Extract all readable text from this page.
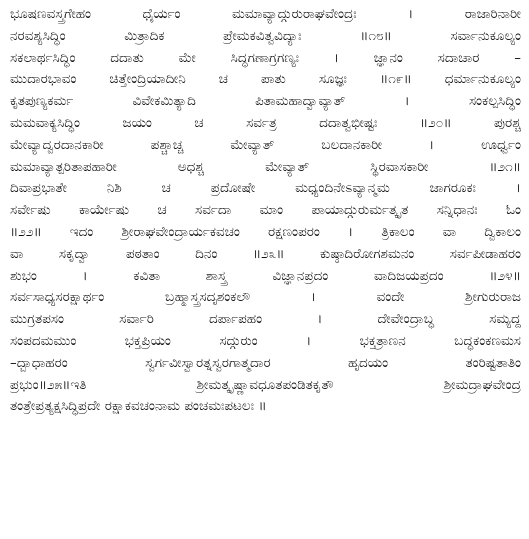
ಭೂಷಣವಸ್ತ್ರಗೇಹಂ ಧೈರ್ಯಂ ಮಮಾವ್ಯಾದ್ಗುರುರಾಘವೇಂದ್ರಃ । ರಾಜಾರಿನಾರೀ
ನರವಶ್ಯಸಿದ್ಧಿಂ ಮಿತ್ರಾದಿಕ ಪ್ರೇಮಕವಿತ್ವವಿದ್ಯಾಃ ॥೧೮॥ ಸರ್ವಾನುಕೂಲ್ಯಂ
ಸಕಲಾರ್ಥಸಿದ್ಧಿಂ ದದಾತು ಮೇ ಸಿದ್ಧಗಣಾಗ್ರಗಣ್ಯಃ । ಜ್ಞಾನಂ ಸದಾಚಾರ –
ಮುದಾರಭಾವಂ ಚಿತ್ತೇಂದ್ರಿಯಾದೀನಿ ಚ ಪಾತು ಸೂಜ್ಞಃ ॥೧೯॥ ಧರ್ಮಾನುಕೂಲ್ಯಂ
ಕೃತಪುಣ್ಯಕರ್ಮ ವಿವೇಕಮಿತ್ಯಾದಿ ಪಿತಾಮಹಾದ್ವಾವ್ಯಾತ್ । ಸಂಕಲ್ಪಸಿದ್ಧಿಂ
ಮಮವಾಕ್ಯಸಿದ್ಧಿಂ ಜಯಂ ಚ ಸರ್ವತ್ರ ದದಾತ್ವಭೀಷ್ಟಃ ॥೨೦॥ ಪುರಶ್ಚ
ಮೇವ್ಯಾದ್ವರದಾನಕಾರೀ ಪಶ್ಚಾಚ್ಚ ಮೇವ್ಯಾತ್ ಬಲದಾನಕಾರೀ । ಊರ್ಧ್ವಂ
ಮಮಾವ್ಯಾತ್ಪರಿತಾಪಹಾರೀ ಅಧಶ್ಚ ಮೇವ್ಯಾತ್ ಸ್ಥಿರವಾಸಕಾರೀ ॥೨೧॥
ದಿವಾಪ್ರಭಾತೇ ನಿಶಿ ಚ ಪ್ರದೋಷೇ ಮಧ್ಯಂದಿನೇಽವ್ಯಾನ್ಮಮ ಜಾಗರೂಕಃ ।
ಸರ್ವೇಷು ಕಾರ್ಯೇಷು ಚ ಸರ್ವದಾ ಮಾಂ ಪಾಯಾದ್ಗುರುರ್ಮತ್ಕೃತ ಸನ್ನಿಧಾನಃ ಓಂ
॥೨೨॥ ಇದಂ ಶ್ರೀರಾಘವೇಂದ್ರಾರ್ಯಕವಚಂ ರಕ್ಷಣಂಪರಂ । ತ್ರಿಕಾಲಂ ವಾ ದ್ವಿಕಾಲಂ
ವಾ ಸಕೃದ್ವಾ ಪಠತಾಂ ದಿನಂ ॥೨೩॥ ಕುಷ್ಠಾದಿರೋಗಶಮನಂ ಸರ್ವಪೀಡಾಹರಂ
ಶುಭಂ । ಕವಿತಾ ಶಾಸ್ತ್ರ ವಿಜ್ಞಾನಪ್ರದಂ ವಾದಿಜಯಪ್ರದಂ ॥೨೪॥
ಸರ್ವಸಾಧ್ಯಸರಕ್ಷಾರ್ಥಂ ಬ್ರಹ್ಮಾಸ್ತ್ರಸದೃಶಂಕಲೌ । ವಂದೇ ಶ್ರೀಗುರುರಾಜ
ಮುಗ್ರತಪಸಂ ಸರ್ವಾರಿ ದರ್ಪಾಪಹಂ । ದೇವೇಂದ್ರಾಬ್ಧ ಸಮ್ಯದ್ದ
ಸಂಪದಮಮುಂ ಭಕ್ತಪ್ರಿಯಂ ಸದ್ಗುರುಂ । ಭಕ್ತತ್ರಾಣನ ಬದ್ಧಕಂಕಣಮಸ
–ದ್ಬಾಧಾಹರಂ ಸ್ವರ್ಗವೀಸ್ವಾರತ್ನಸ್ವರಗಾತ್ಮದಾರ ಹೃದಯಂ ತಂರಿಷ್ಟತಾತಿಂ
ಪ್ರಭುಂ॥೨೫॥ಇತಿ ಶ್ರೀಮತ್ಕೃಷ್ಣಾವಧೂತಪಂಡಿತಕೃತೌ ಶ್ರೀಮದ್ರಾಘವೇಂದ್ರ
ತಂತ್ರೇಪ್ರತ್ಯಕ್ಷಸಿದ್ಧಿಪ್ರದೇ ರಕ್ಷಾಕವಚಂನಾಮ ಪಂಚಮಃಪಟಲಃ ॥
